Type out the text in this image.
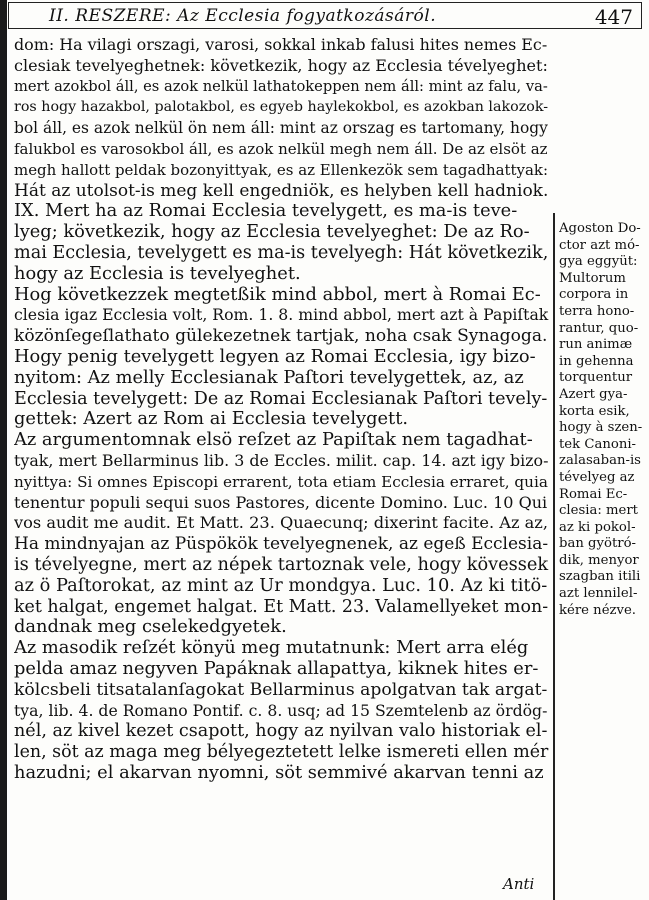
II. RESZERE: Az Ecclesia fogyatkozásáról.	447
dom: Ha vilagi orszagi, varosi, sokkal inkab falusi hites nemes Ec-
clesiak tevelyeghetnek: következik, hogy az Ecclesia tévelyeghet:
mert azokbol áll, es azok nelkül lathatokeppen nem áll: mint az falu, va-
ros hogy hazakbol, palotakbol, es egyeb haylekokbol, es azokban lakozok-
bol áll, es azok nelkül ön nem áll: mint az orszag es tartomany, hogy
falukbol es varosokbol áll, es azok nelkül megh nem áll. De az elsöt az
megh hallott peldak bozonyittyak, es az Ellenkezök sem tagadhattyak:
Hát az utolsot-is meg kell engedniök, es helyben kell hadniok.
IX. Mert ha az Romai Ecclesia tevelygett, es ma-is teve-
lyeg; következik, hogy az Ecclesia tevelyeghet: De az Ro-
mai Ecclesia, tevelygett es ma-is tevelyegh: Hát következik,
hogy az Ecclesia is tevelyeghet.
Hog következzek megtetßik mind abbol, mert à Romai Ec-
clesia igaz Ecclesia volt, Rom. 1. 8. mind abbol, mert azt à Papiſtak
közönſegeſlathato gülekezetnek tartjak, noha csak Synagoga.
Hogy penig tevelygett legyen az Romai Ecclesia, igy bizo-
nyitom: Az melly Ecclesianak Paſtori tevelygettek, az, az
Ecclesia tevelygett: De az Romai Ecclesianak Paſtori tevely-
gettek: Azert az Rom ai Ecclesia tevelygett.
Az argumentomnak elsö reſzet az Papiſtak nem tagadhat-
tyak, mert Bellarminus lib. 3 de Eccles. milit. cap. 14. azt igy bizo-
nyittya: Si omnes Episcopi errarent, tota etiam Ecclesia erraret, quia
tenentur populi sequi suos Pastores, dicente Domino. Luc. 10 Qui
vos audit me audit. Et Matt. 23. Quaecunq; dixerint facite. Az az,
Ha mindnyajan az Püspökök tevelyegnenek, az egeß Ecclesia-
is tévelyegne, mert az népek tartoznak vele, hogy kövessek
az ö Paſtorokat, az mint az Ur mondgya. Luc. 10. Az ki titö-
ket halgat, engemet halgat. Et Matt. 23. Valamellyeket mon-
dandnak meg cselekedgyetek.
Az masodik reſzét könyü meg mutatnunk: Mert arra elég
pelda amaz negyven Papáknak allapattya, kiknek hites er-
kölcsbeli titsatalanſagokat Bellarminus apolgatvan tak argat-
tya, lib. 4. de Romano Pontif. c. 8. usq; ad 15 Szemtelenb az ördög-
nél, az kivel kezet csapott, hogy az nyilvan valo historiak el-
len, söt az maga meg bélyegeztetett lelke ismereti ellen mér
hazudni; el akarvan nyomni, söt semmivé akarvan tenni az
Agoston Do-
ctor azt mó-
gya eggyüt:
Multorum
corpora in
terra hono-
rantur, quo-
run animæ
in gehenna
torquentur
Azert gya-
korta esik,
hogy à szen-
tek Canoni-
zalasaban-is
tévelyeg az
Romai Ec-
clesia: mert
az ki pokol-
ban gyötró-
dik, menyor
szagban itili
azt lennilel-
kére nézve.
Anti
